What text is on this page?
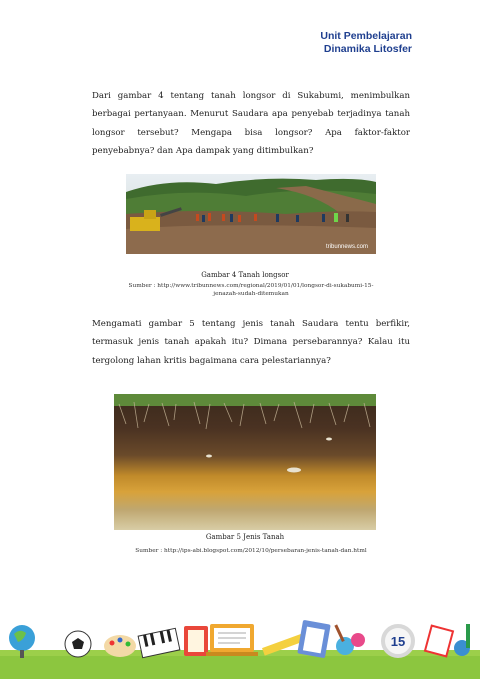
Unit Pembelajaran
Dinamika Litosfer

Dari gambar 4 tentang tanah longsor di Sukabumi, menimbulkan berbagai pertanyaan. Menurut Saudara apa penyebab terjadinya tanah longsor tersebut? Mengapa bisa longsor? Apa faktor-faktor penyebabnya? dan Apa dampak yang ditimbulkan?

tribunnews.com
Gambar 4 Tanah longsor
Sumber : http://www.tribunnews.com/regional/2019/01/01/longsor-di-sukabumi-15-jenazah-sudah-ditemukan

Mengamati gambar 5 tentang jenis tanah Saudara tentu berfikir, termasuk jenis tanah apakah itu? Dimana persebarannya? Kalau itu tergolong lahan kritis bagaimana cara pelestariannya?

Gambar 5 Jenis Tanah
Sumber : http://ips-abi.blogspot.com/2012/10/persebaran-jenis-tanah-dan.html
15
